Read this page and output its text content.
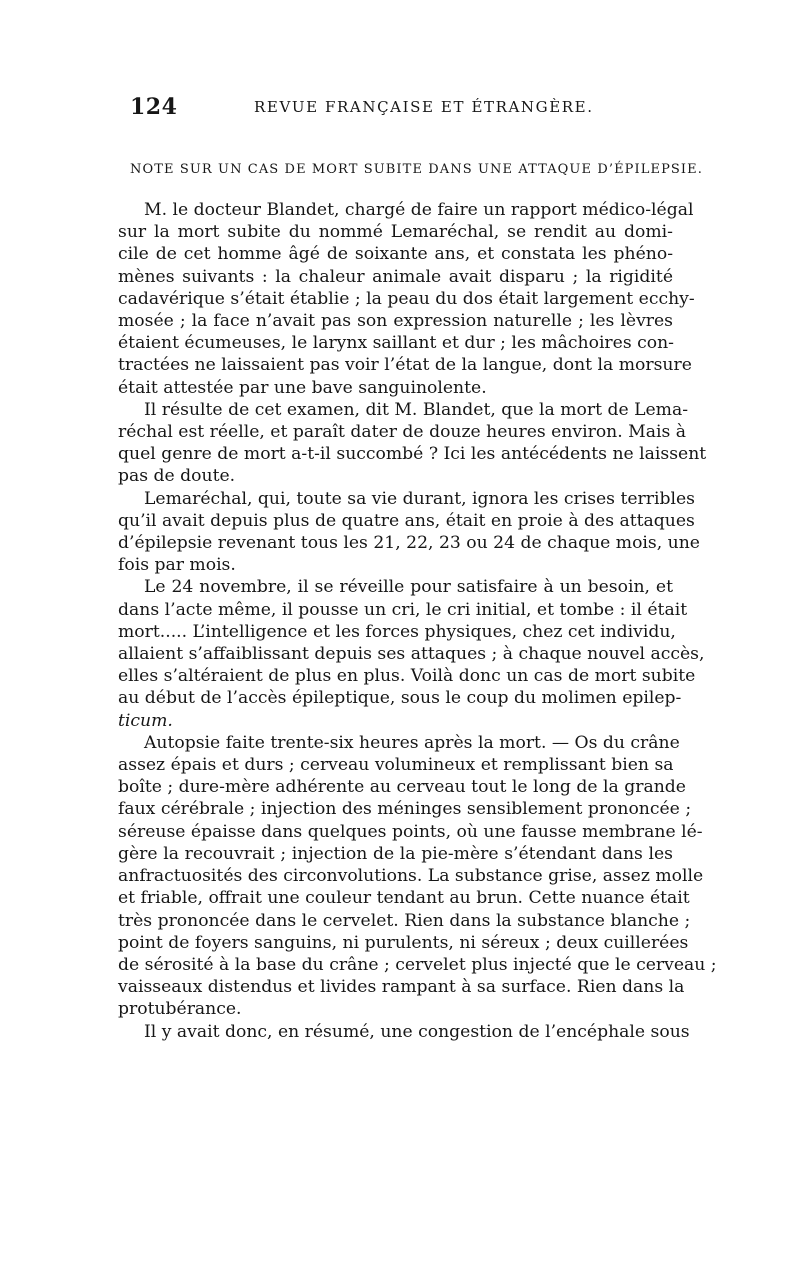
124	REVUE FRANÇAISE ET ÉTRANGÈRE.
NOTE SUR UN CAS DE MORT SUBITE DANS UNE ATTAQUE D’ÉPILEPSIE.

M. le docteur Blandet, chargé de faire un rapport médico-légal
sur la mort subite du nommé Lemaréchal, se rendit au domi-
cile de cet homme âgé de soixante ans, et constata les phéno-
mènes suivants : la chaleur animale avait disparu ; la rigidité
cadavérique s’était établie ; la peau du dos était largement ecchy-
mosée ; la face n’avait pas son expression naturelle ; les lèvres
étaient écumeuses, le larynx saillant et dur ; les mâchoires con-
tractées ne laissaient pas voir l’état de la langue, dont la morsure
était attestée par une bave sanguinolente.

Il résulte de cet examen, dit M. Blandet, que la mort de Lema-
réchal est réelle, et paraît dater de douze heures environ. Mais à
quel genre de mort a-t-il succombé ? Ici les antécédents ne laissent
pas de doute.

Lemaréchal, qui, toute sa vie durant, ignora les crises terribles
qu’il avait depuis plus de quatre ans, était en proie à des attaques
d’épilepsie revenant tous les 21, 22, 23 ou 24 de chaque mois, une
fois par mois.

Le 24 novembre, il se réveille pour satisfaire à un besoin, et
dans l’acte même, il pousse un cri, le cri initial, et tombe : il était
mort..... L’intelligence et les forces physiques, chez cet individu,
allaient s’affaiblissant depuis ses attaques ; à chaque nouvel accès,
elles s’altéraient de plus en plus. Voilà donc un cas de mort subite
au début de l’accès épileptique, sous le coup du molimen epilep-
ticum.

Autopsie faite trente-six heures après la mort. — Os du crâne
assez épais et durs ; cerveau volumineux et remplissant bien sa
boîte ; dure-mère adhérente au cerveau tout le long de la grande
faux cérébrale ; injection des méninges sensiblement prononcée ;
séreuse épaisse dans quelques points, où une fausse membrane lé-
gère la recouvrait ; injection de la pie-mère s’étendant dans les
anfractuosités des circonvolutions. La substance grise, assez molle
et friable, offrait une couleur tendant au brun. Cette nuance était
très prononcée dans le cervelet. Rien dans la substance blanche ;
point de foyers sanguins, ni purulents, ni séreux ; deux cuillerées
de sérosité à la base du crâne ; cervelet plus injecté que le cerveau ;
vaisseaux distendus et livides rampant à sa surface. Rien dans la
protubérance.

Il y avait donc, en résumé, une congestion de l’encéphale sous
